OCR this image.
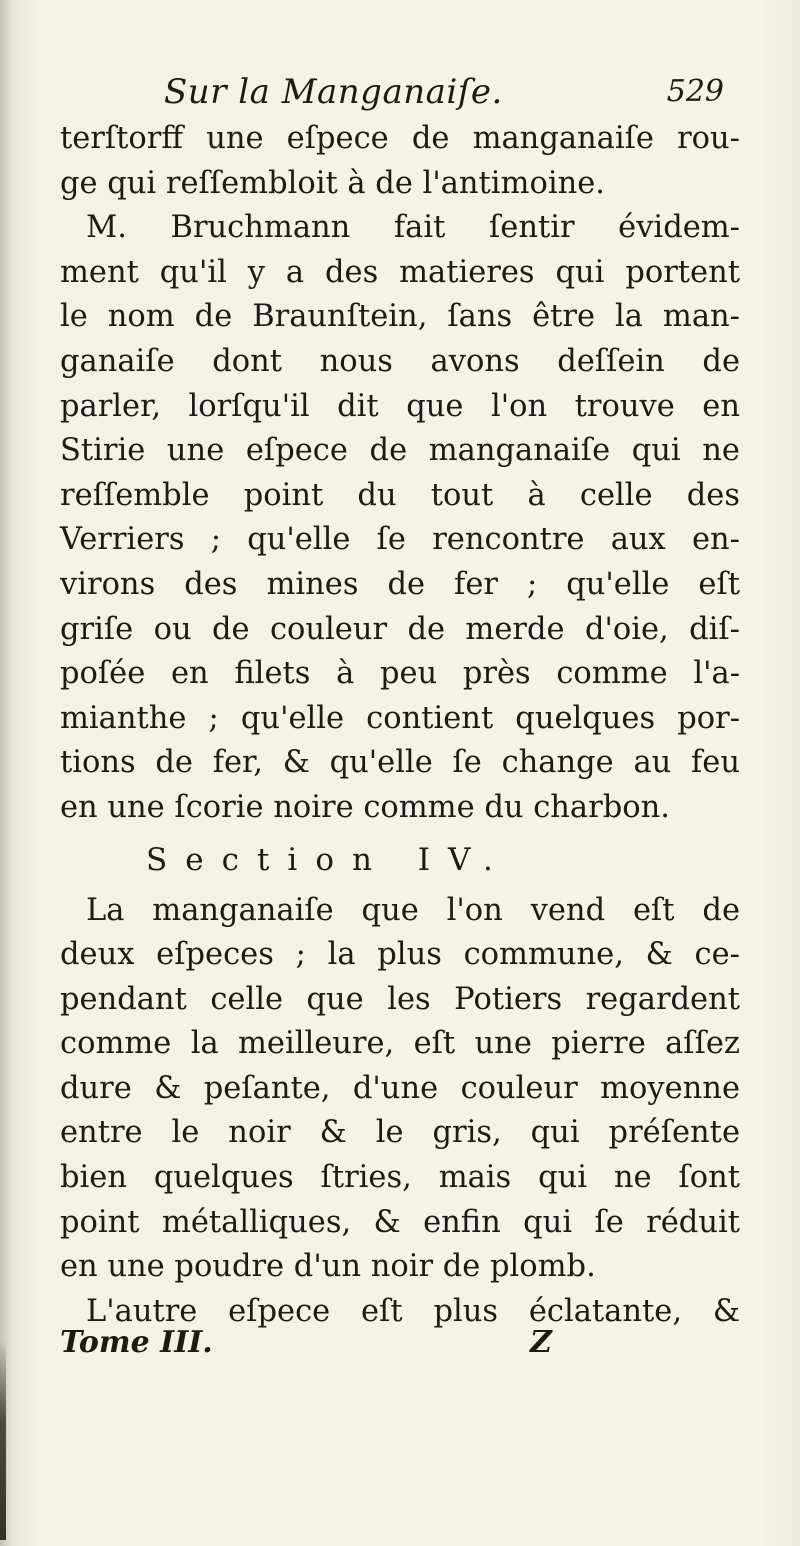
Sur la Manganaiſe.	529
terſtorff une eſpece de manganaiſe rou-
ge qui reſſembloit à de l'antimoine.
M. Bruchmann fait ſentir évidem-
ment qu'il y a des matieres qui portent
le nom de Braunſtein, ſans être la man-
ganaiſe dont nous avons deſſein de
parler, lorſqu'il dit que l'on trouve en
Stirie une eſpece de manganaiſe qui ne
reſſemble point du tout à celle des
Verriers ; qu'elle ſe rencontre aux en-
virons des mines de fer ; qu'elle eſt
griſe ou de couleur de merde d'oie, diſ-
poſée en filets à peu près comme l'a-
mianthe ; qu'elle contient quelques por-
tions de fer, & qu'elle ſe change au feu
en une ſcorie noire comme du charbon.
Section IV.
La manganaiſe que l'on vend eſt de
deux eſpeces ; la plus commune, & ce-
pendant celle que les Potiers regardent
comme la meilleure, eſt une pierre aſſez
dure & peſante, d'une couleur moyenne
entre le noir & le gris, qui préſente
bien quelques ſtries, mais qui ne ſont
point métalliques, & enfin qui ſe réduit
en une poudre d'un noir de plomb.
L'autre eſpece eſt plus éclatante, &
Tome III.	Z
